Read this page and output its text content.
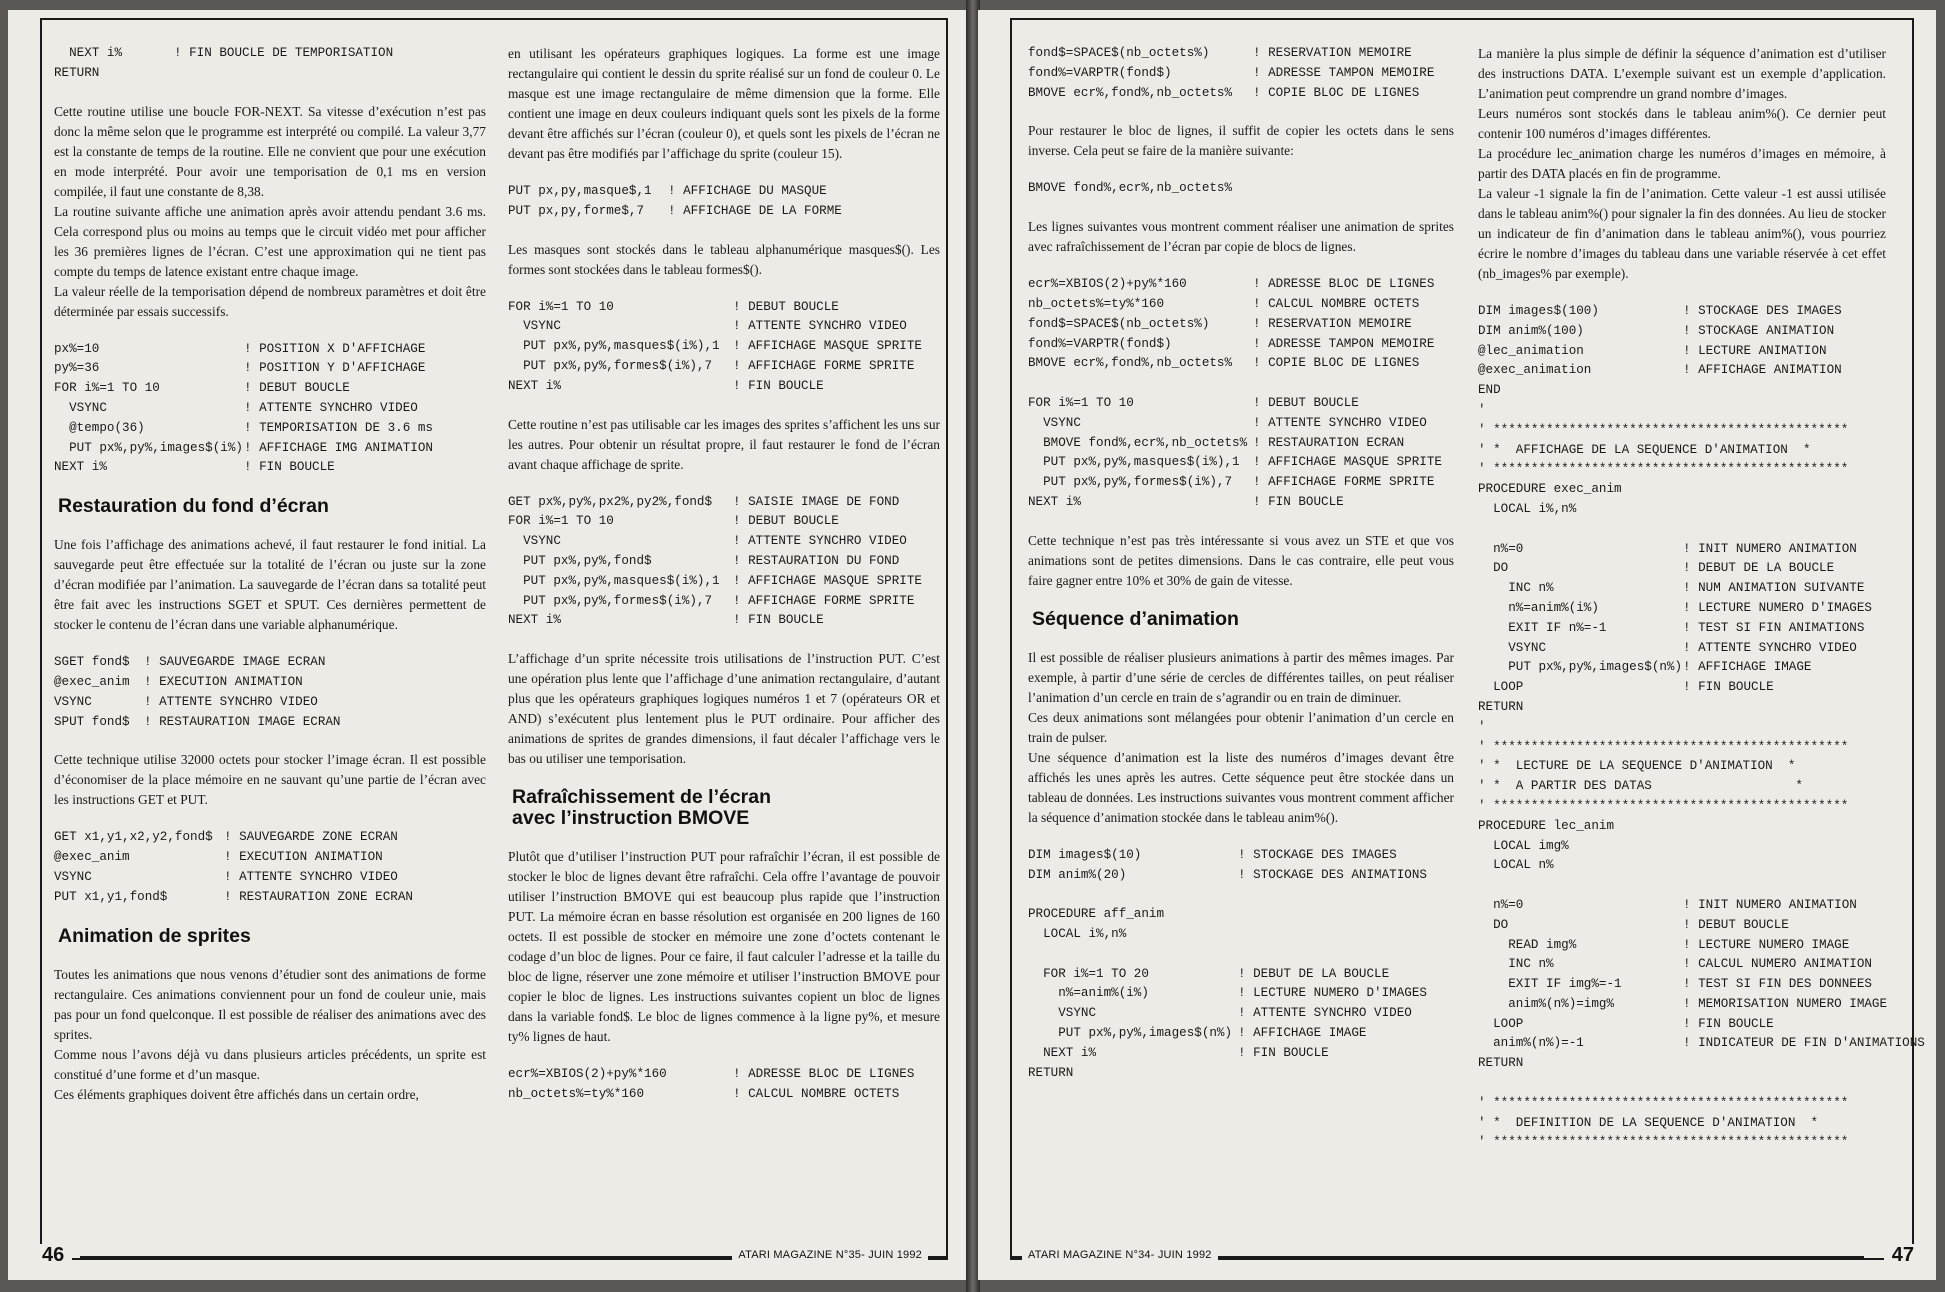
NEXT i%	! FIN BOUCLE DE TEMPORISATION
RETURN
Cette routine utilise une boucle FOR-NEXT. Sa vitesse d’exécution n’est pas donc la même selon que le programme est interprété ou compilé. La valeur 3,77 est la constante de temps de la routine. Elle ne convient que pour une exécution en mode interprété. Pour avoir une temporisation de 0,1 ms en version compilée, il faut une constante de 8,38.
La routine suivante affiche une animation après avoir attendu pendant 3.6 ms. Cela correspond plus ou moins au temps que le circuit vidéo met pour afficher les 36 premières lignes de l’écran. C’est une approximation qui ne tient pas compte du temps de latence existant entre chaque image.
La valeur réelle de la temporisation dépend de nombreux paramètres et doit être déterminée par essais successifs.
px%=10	! POSITION X D'AFFICHAGE
py%=36	! POSITION Y D'AFFICHAGE
FOR i%=1 TO 10	! DEBUT BOUCLE
VSYNC	! ATTENTE SYNCHRO VIDEO
@tempo(36)	! TEMPORISATION DE 3.6 ms
PUT px%,py%,images$(i%)! AFFICHAGE IMG ANIMATION
NEXT i%	! FIN BOUCLE
Restauration du fond d’écran
Une fois l’affichage des animations achevé, il faut restaurer le fond initial. La sauvegarde peut être effectuée sur la totalité de l’écran ou juste sur la zone d’écran modifiée par l’animation. La sauvegarde de l’écran dans sa totalité peut être fait avec les instructions SGET et SPUT. Ces dernières permettent de stocker le contenu de l’écran dans une variable alphanumérique.
SGET fond$ ! SAUVEGARDE IMAGE ECRAN
@exec_anim ! EXECUTION ANIMATION
VSYNC	! ATTENTE SYNCHRO VIDEO
SPUT fond$ ! RESTAURATION IMAGE ECRAN
Cette technique utilise 32000 octets pour stocker l’image écran. Il est possible d’économiser de la place mémoire en ne sauvant qu’une partie de l’écran avec les instructions GET et PUT.
GET x1,y1,x2,y2,fond$ ! SAUVEGARDE ZONE ECRAN
@exec_anim	! EXECUTION ANIMATION
VSYNC	! ATTENTE SYNCHRO VIDEO
PUT x1,y1,fond$	! RESTAURATION ZONE ECRAN
Animation de sprites
Toutes les animations que nous venons d’étudier sont des animations de forme rectangulaire. Ces animations conviennent pour un fond de couleur unie, mais pas pour un fond quelconque. Il est possible de réaliser des animations avec des sprites.
Comme nous l’avons déjà vu dans plusieurs articles précédents, un sprite est constitué d’une forme et d’un masque.
Ces éléments graphiques doivent être affichés dans un certain ordre,
en utilisant les opérateurs graphiques logiques. La forme est une image rectangulaire qui contient le dessin du sprite réalisé sur un fond de couleur 0. Le masque est une image rectangulaire de même dimension que la forme. Elle contient une image en deux couleurs indiquant quels sont les pixels de la forme devant être affichés sur l’écran (couleur 0), et quels sont les pixels de l’écran ne devant pas être modifiés par l’affichage du sprite (couleur 15).
PUT px,py,masque$,1 ! AFFICHAGE DU MASQUE
PUT px,py,forme$,7 ! AFFICHAGE DE LA FORME
Les masques sont stockés dans le tableau alphanumérique masques$(). Les formes sont stockées dans le tableau formes$().
FOR i%=1 TO 10	! DEBUT BOUCLE
VSYNC	! ATTENTE SYNCHRO VIDEO
PUT px%,py%,masques$(i%),1 ! AFFICHAGE MASQUE SPRITE
PUT px%,py%,formes$(i%),7 ! AFFICHAGE FORME SPRITE
NEXT i%	! FIN BOUCLE
Cette routine n’est pas utilisable car les images des sprites s’affichent les uns sur les autres. Pour obtenir un résultat propre, il faut restaurer le fond de l’écran avant chaque affichage de sprite.
GET px%,py%,px2%,py2%,fond$ ! SAISIE IMAGE DE FOND
FOR i%=1 TO 10	! DEBUT BOUCLE
VSYNC	! ATTENTE SYNCHRO VIDEO
PUT px%,py%,fond$	! RESTAURATION DU FOND
PUT px%,py%,masques$(i%),1 ! AFFICHAGE MASQUE SPRITE
PUT px%,py%,formes$(i%),7 ! AFFICHAGE FORME SPRITE
NEXT i%	! FIN BOUCLE
L’affichage d’un sprite nécessite trois utilisations de l’instruction PUT. C’est une opération plus lente que l’affichage d’une animation rectangulaire, d’autant plus que les opérateurs graphiques logiques numéros 1 et 7 (opérateurs OR et AND) s’exécutent plus lentement plus le PUT ordinaire. Pour afficher des animations de sprites de grandes dimensions, il faut décaler l’affichage vers le bas ou utiliser une temporisation.
Rafraîchissement de l’écran
avec l’instruction BMOVE
Plutôt que d’utiliser l’instruction PUT pour rafraîchir l’écran, il est possible de stocker le bloc de lignes devant être rafraîchi. Cela offre l’avantage de pouvoir utiliser l’instruction BMOVE qui est beaucoup plus rapide que l’instruction PUT. La mémoire écran en basse résolution est organisée en 200 lignes de 160 octets. Il est possible de stocker en mémoire une zone d’octets contenant le codage d’un bloc de lignes. Pour ce faire, il faut calculer l’adresse et la taille du bloc de ligne, réserver une zone mémoire et utiliser l’instruction BMOVE pour copier le bloc de lignes. Les instructions suivantes copient un bloc de lignes dans la variable fond$. Le bloc de lignes commence à la ligne py%, et mesure ty% lignes de haut.
ecr%=XBIOS(2)+py%*160	! ADRESSE BLOC DE LIGNES
nb_octets%=ty%*160	! CALCUL NOMBRE OCTETS
46	ATARI MAGAZINE N°35- JUIN 1992
fond$=SPACE$(nb_octets%)	! RESERVATION MEMOIRE
fond%=VARPTR(fond$)	! ADRESSE TAMPON MEMOIRE
BMOVE ecr%,fond%,nb_octets% ! COPIE BLOC DE LIGNES
Pour restaurer le bloc de lignes, il suffit de copier les octets dans le sens inverse. Cela peut se faire de la manière suivante:
BMOVE fond%,ecr%,nb_octets%
Les lignes suivantes vous montrent comment réaliser une animation de sprites avec rafraîchissement de l’écran par copie de blocs de lignes.
ecr%=XBIOS(2)+py%*160	! ADRESSE BLOC DE LIGNES
nb_octets%=ty%*160	! CALCUL NOMBRE OCTETS
fond$=SPACE$(nb_octets%)	! RESERVATION MEMOIRE
fond%=VARPTR(fond$)	! ADRESSE TAMPON MEMOIRE
BMOVE ecr%,fond%,nb_octets% ! COPIE BLOC DE LIGNES
FOR i%=1 TO 10	! DEBUT BOUCLE
VSYNC	! ATTENTE SYNCHRO VIDEO
BMOVE fond%,ecr%,nb_octets% ! RESTAURATION ECRAN
PUT px%,py%,masques$(i%),1 ! AFFICHAGE MASQUE SPRITE
PUT px%,py%,formes$(i%),7 ! AFFICHAGE FORME SPRITE
NEXT i%	! FIN BOUCLE
Cette technique n’est pas très intéressante si vous avez un STE et que vos animations sont de petites dimensions. Dans le cas contraire, elle peut vous faire gagner entre 10% et 30% de gain de vitesse.
Séquence d’animation
Il est possible de réaliser plusieurs animations à partir des mêmes images. Par exemple, à partir d’une série de cercles de différentes tailles, on peut réaliser l’animation d’un cercle en train de s’agrandir ou en train de diminuer.
Ces deux animations sont mélangées pour obtenir l’animation d’un cercle en train de pulser.
Une séquence d’animation est la liste des numéros d’images devant être affichés les unes après les autres. Cette séquence peut être stockée dans un tableau de données. Les instructions suivantes vous montrent comment afficher la séquence d’animation stockée dans le tableau anim%().
DIM images$(10)	! STOCKAGE DES IMAGES
DIM anim%(20)	! STOCKAGE DES ANIMATIONS
PROCEDURE aff_anim
LOCAL i%,n%
FOR i%=1 TO 20	! DEBUT DE LA BOUCLE
n%=anim%(i%)	! LECTURE NUMERO D'IMAGES
VSYNC	! ATTENTE SYNCHRO VIDEO
PUT px%,py%,images$(n%) ! AFFICHAGE IMAGE
NEXT i%	! FIN BOUCLE
RETURN
La manière la plus simple de définir la séquence d’animation est d’utiliser des instructions DATA. L’exemple suivant est un exemple d’application. L’animation peut comprendre un grand nombre d’images.
Leurs numéros sont stockés dans le tableau anim%(). Ce dernier peut contenir 100 numéros d’images différentes.
La procédure lec_animation charge les numéros d’images en mémoire, à partir des DATA placés en fin de programme.
La valeur -1 signale la fin de l’animation. Cette valeur -1 est aussi utilisée dans le tableau anim%() pour signaler la fin des données. Au lieu de stocker un indicateur de fin d’animation dans le tableau anim%(), vous pourriez écrire le nombre d’images du tableau dans une variable réservée à cet effet (nb_images% par exemple).
DIM images$(100)	! STOCKAGE DES IMAGES
DIM anim%(100)	! STOCKAGE ANIMATION
@lec_animation	! LECTURE ANIMATION
@exec_animation	! AFFICHAGE ANIMATION
END
'
' ***********************************************
' *  AFFICHAGE DE LA SEQUENCE D'ANIMATION  *
' ***********************************************
PROCEDURE exec_anim
LOCAL i%,n%
n%=0	! INIT NUMERO ANIMATION
DO	! DEBUT DE LA BOUCLE
INC n%	! NUM ANIMATION SUIVANTE
n%=anim%(i%)	! LECTURE NUMERO D'IMAGES
EXIT IF n%=-1	! TEST SI FIN ANIMATIONS
VSYNC	! ATTENTE SYNCHRO VIDEO
PUT px%,py%,images$(n%)! AFFICHAGE IMAGE
LOOP	! FIN BOUCLE
RETURN
'
' ***********************************************
' *  LECTURE DE LA SEQUENCE D'ANIMATION  *
' *  A PARTIR DES DATAS                   *
' ***********************************************
PROCEDURE lec_anim
LOCAL img%
LOCAL n%
n%=0	! INIT NUMERO ANIMATION
DO	! DEBUT BOUCLE
READ img%	! LECTURE NUMERO IMAGE
INC n%	! CALCUL NUMERO ANIMATION
EXIT IF img%=-1	! TEST SI FIN DES DONNEES
anim%(n%)=img%	! MEMORISATION NUMERO IMAGE
LOOP	! FIN BOUCLE
anim%(n%)=-1	! INDICATEUR DE FIN D'ANIMATIONS
RETURN
' ***********************************************
' *  DEFINITION DE LA SEQUENCE D'ANIMATION  *
' ***********************************************
ATARI MAGAZINE N°34- JUIN 1992	47
